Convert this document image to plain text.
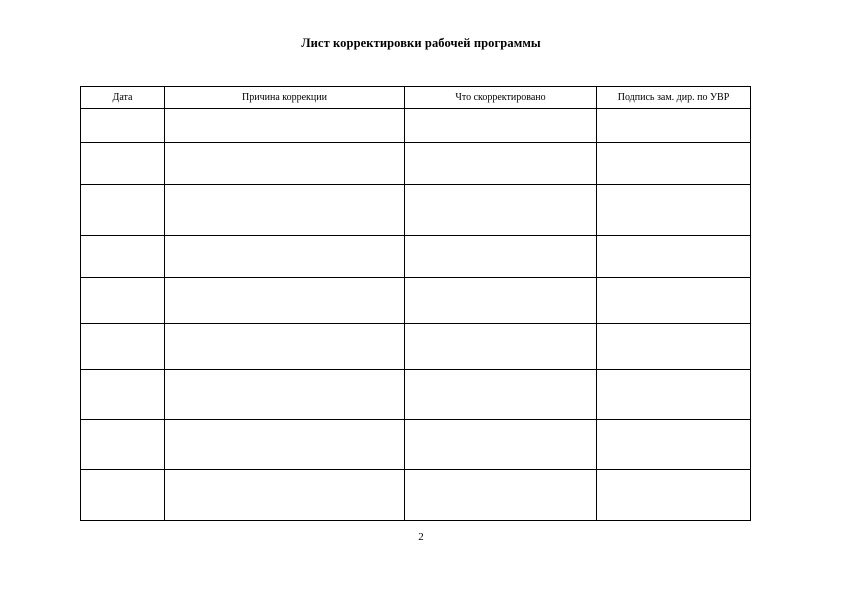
Лист корректировки рабочей программы
Дата	Причина коррекции	Что скорректировано	Подпись зам. дир. по УВР

2
